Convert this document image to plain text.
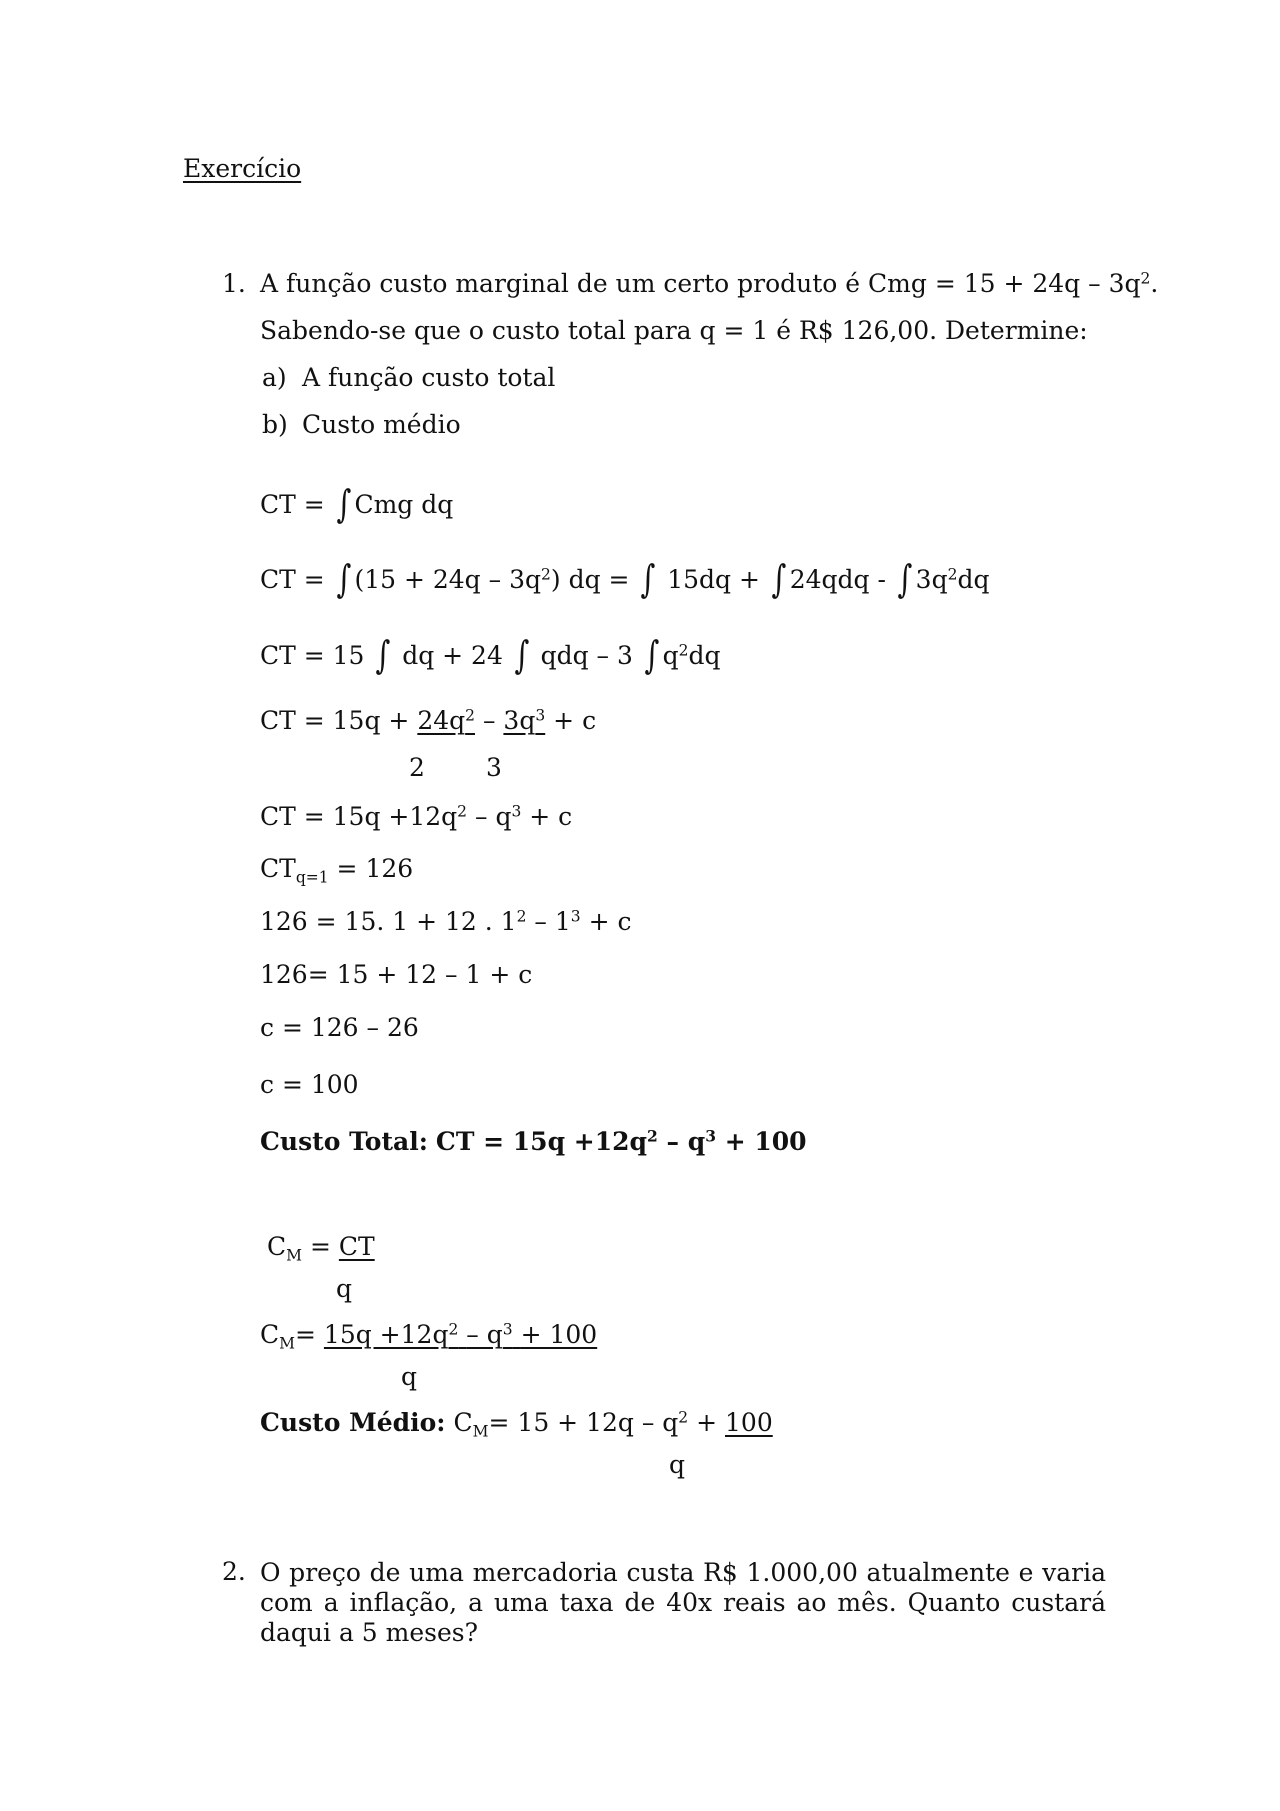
Exercício
1. A função custo marginal de um certo produto é Cmg = $15 + 24q - 3q^2$.
Sabendo-se que o custo total para q = 1 é R$ 126,00. Determine:
a) A função custo total
b) Custo médio
CT = ∫ Cmg dq
CT = ∫ $(15 + 24q - 3q^2)$ dq = ∫ 15dq + ∫ 24qdq - ∫ $3q^2dq$
CT = 15 ∫ dq + 24 ∫ qdq – 3 ∫ $q^2dq$
CT = $15q + 24q^2 - 3q^3 + c$
2 3
CT = $15q +12q^2 - q^3 + c$
$CT_{q=1} = 126$
126 = 15. 1 + 12 . $1^2 - 1^3 + c$
126= 15 + 12 – 1 + c
c = 126 – 26
c = 100
Custo Total: CT = $15q +12q^2 - q^3 + 100$
$C_M$ = CT
q
$C_M= 15q +12q^2 - q^3 + 100$
q
Custo Médio: $C_M= 15 + 12q - q^2 + 100$
q
2. O preço de uma mercadoria custa R$ 1.000,00 atualmente e varia com a inflação, a uma taxa de 40x reais ao mês. Quanto custará daqui a 5 meses?
